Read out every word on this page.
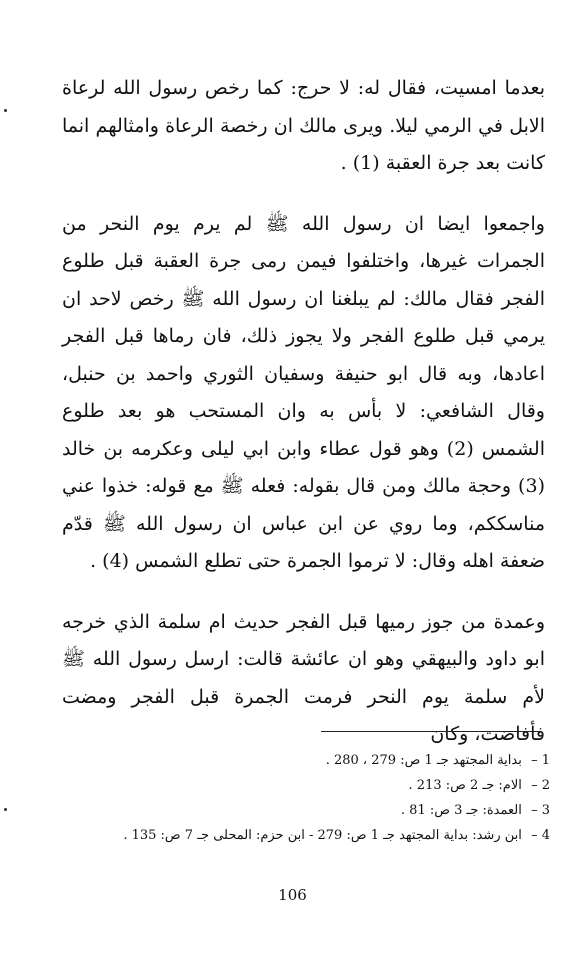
بعدما امسيت، فقال له: لا حرج: كما رخص رسول الله لرعاة الابل في الرمي ليلا. ويرى مالك ان رخصة الرعاة وامثالهم انما كانت بعد جرة العقبة (1) .

واجمعوا ايضا ان رسول الله ﷺ لم يرم يوم النحر من الجمرات غيرها، واختلفوا فيمن رمى جرة العقبة قبل طلوع الفجر فقال مالك: لم يبلغنا ان رسول الله ﷺ رخص لاحد ان يرمي قبل طلوع الفجر ولا يجوز ذلك، فان رماها قبل الفجر اعادها، وبه قال ابو حنيفة وسفيان الثوري واحمد بن حنبل، وقال الشافعي: لا بأس به وان المستحب هو بعد طلوع الشمس (2) وهو قول عطاء وابن ابي ليلى وعكرمه بن خالد (3) وحجة مالك ومن قال بقوله: فعله ﷺ مع قوله: خذوا عني مناسككم، وما روي عن ابن عباس ان رسول الله ﷺ قدّم ضعفة اهله وقال: لا ترموا الجمرة حتى تطلع الشمس (4) .

وعمدة من جوز رميها قبل الفجر حديث ام سلمة الذي خرجه ابو داود والبيهقي وهو ان عائشة قالت: ارسل رسول الله ﷺ لأم سلمة يوم النحر فرمت الجمرة قبل الفجر ومضت فأفاضت، وكان

1 – بداية المجتهد جـ 1 ص: 279 ، 280 .
2 – الام: جـ 2 ص: 213 .
3 – العمدة: جـ 3 ص: 81 .
4 – ابن رشد: بداية المجتهد جـ 1 ص: 279 - ابن حزم: المحلى جـ 7 ص: 135 .
106
